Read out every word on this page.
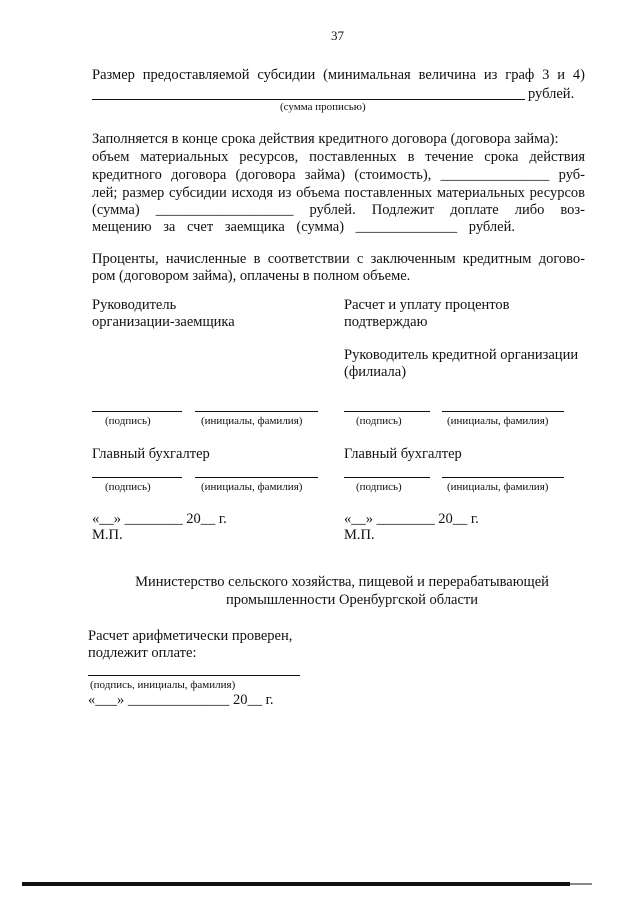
37
Размер предоставляемой субсидии (минимальная величина из граф 3 и 4)
рублей.
(сумма прописью)
Заполняется в конце срока действия кредитного договора (договора займа):
объем материальных ресурсов, поставленных в течение срока действия
кредитного договора (договора займа) (стоимость), _______________ руб-
лей; размер субсидии исходя из объема поставленных материальных ресурсов
(сумма) ___________________ рублей. Подлежит доплате либо воз-
мещению за счет заемщика (сумма) ______________ рублей.
Проценты, начисленные в соответствии с заключенным кредитным догово-
ром (договором займа), оплачены в полном объеме.
Руководитель
организации-заемщика
(подпись)	(инициалы, фамилия)
Главный бухгалтер
(подпись)	(инициалы, фамилия)
«__» ________ 20__ г.
М.П.
Расчет и уплату процентов
подтверждаю
Руководитель кредитной организации
(филиала)
(подпись)	(инициалы, фамилия)
Главный бухгалтер
(подпись)	(инициалы, фамилия)
«__» ________ 20__ г.
М.П.
Министерство сельского хозяйства, пищевой и перерабатывающей
промышленности Оренбургской области
Расчет арифметически проверен,
подлежит оплате:
(подпись, инициалы, фамилия)
«___» ______________ 20__ г.
